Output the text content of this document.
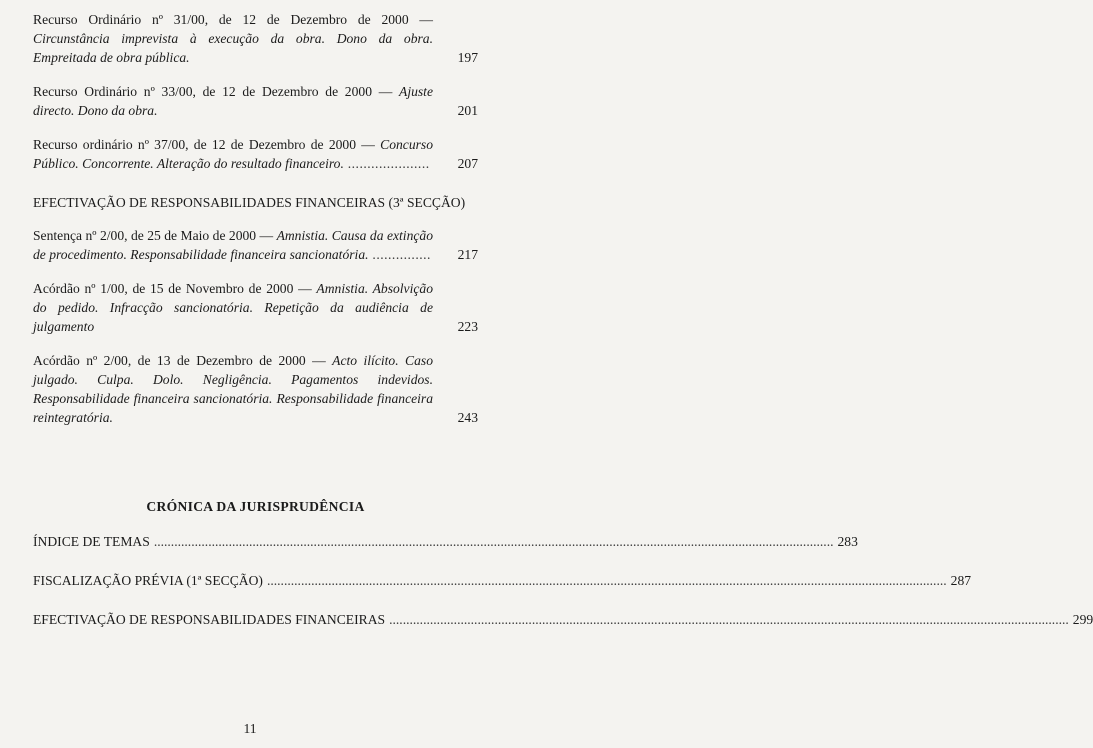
Recurso Ordinário nº 31/00, de 12 de Dezembro de 2000 — Circunstância imprevista à execução da obra. Dono da obra. Empreitada de obra pública.	197
Recurso Ordinário nº 33/00, de 12 de Dezembro de 2000 — Ajuste directo. Dono da obra.	201
Recurso ordinário nº 37/00, de 12 de Dezembro de 2000 — Concurso Público. Concorrente. Alteração do resultado financeiro. .....................	207
EFECTIVAÇÃO DE RESPONSABILIDADES FINANCEIRAS (3ª SECÇÃO)
Sentença nº 2/00, de 25 de Maio de 2000 — Amnistia. Causa da extinção de procedimento. Responsabilidade financeira sancionatória. ...............	217
Acórdão nº 1/00, de 15 de Novembro de 2000 — Amnistia. Absolvição do pedido. Infracção sancionatória. Repetição da audiência de julgamento	223
Acórdão nº 2/00, de 13 de Dezembro de 2000 — Acto ilícito. Caso julgado. Culpa. Dolo. Negligência. Pagamentos indevidos. Responsabilidade financeira sancionatória. Responsabilidade financeira reintegratória.	243
CRÓNICA DA JURISPRUDÊNCIA
ÍNDICE DE TEMAS ........................................................................................................................................................................................................ 283
FISCALIZAÇÃO PRÉVIA (1ª SECÇÃO) ........................................................................................................................................................................................................ 287
EFECTIVAÇÃO DE RESPONSABILIDADES FINANCEIRAS ........................................................................................................................................................................................................ 299
11
